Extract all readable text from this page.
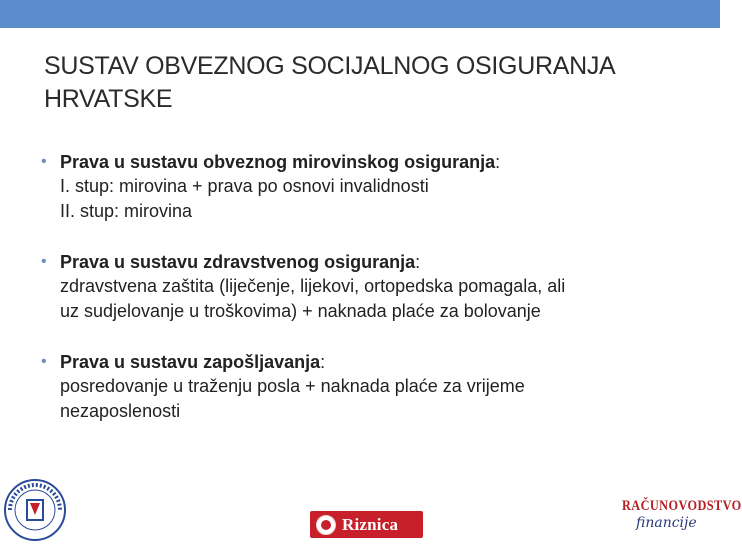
SUSTAV OBVEZNOG SOCIJALNOG OSIGURANJA HRVATSKE
• Prava u sustavu obveznog mirovinskog osiguranja:
I. stup: mirovina + prava po osnovi invalidnosti
II. stup: mirovina
• Prava u sustavu zdravstvenog osiguranja:
zdravstvena zaštita (liječenje, lijekovi, ortopedska pomagala, ali
uz sudjelovanje u troškovima) + naknada plaće za bolovanje
• Prava u sustavu zapošljavanja:
posredovanje u traženju posla + naknada plaće za vrijeme
nezaposlenosti
Riznica
RAČUNOVODSTVO
financije
